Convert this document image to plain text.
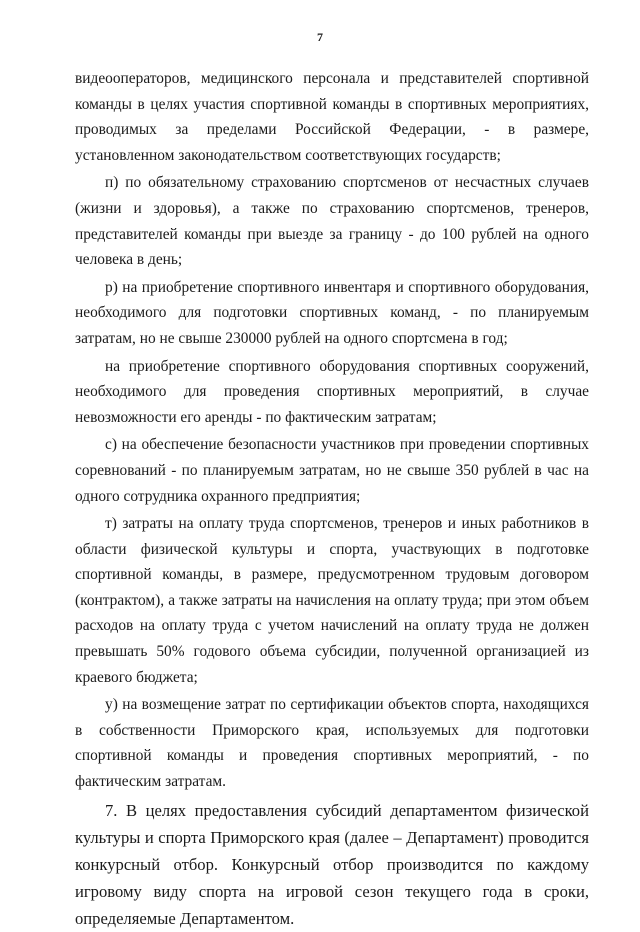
7

видеооператоров, медицинского персонала и представителей спортивной команды в целях участия спортивной команды в спортивных мероприятиях, проводимых за пределами Российской Федерации, - в размере, установленном законодательством соответствующих государств;

п) по обязательному страхованию спортсменов от несчастных случаев (жизни и здоровья), а также по страхованию спортсменов, тренеров, представителей команды при выезде за границу - до 100 рублей на одного человека в день;

р) на приобретение спортивного инвентаря и спортивного оборудования, необходимого для подготовки спортивных команд, - по планируемым затратам, но не свыше 230000 рублей на одного спортсмена в год;

на приобретение спортивного оборудования спортивных сооружений, необходимого для проведения спортивных мероприятий, в случае невозможности его аренды - по фактическим затратам;

с) на обеспечение безопасности участников при проведении спортивных соревнований - по планируемым затратам, но не свыше 350 рублей в час на одного сотрудника охранного предприятия;

т) затраты на оплату труда спортсменов, тренеров и иных работников в области физической культуры и спорта, участвующих в подготовке спортивной команды, в размере, предусмотренном трудовым договором (контрактом), а также затраты на начисления на оплату труда; при этом объем расходов на оплату труда с учетом начислений на оплату труда не должен превышать 50% годового объема субсидии, полученной организацией из краевого бюджета;

у) на возмещение затрат по сертификации объектов спорта, находящихся в собственности Приморского края, используемых для подготовки спортивной команды и проведения спортивных мероприятий, - по фактическим затратам.

7. В целях предоставления субсидий департаментом физической культуры и спорта Приморского края (далее – Департамент) проводится конкурсный отбор. Конкурсный отбор производится по каждому игровому виду спорта на игровой сезон текущего года в сроки, определяемые Департаментом.
